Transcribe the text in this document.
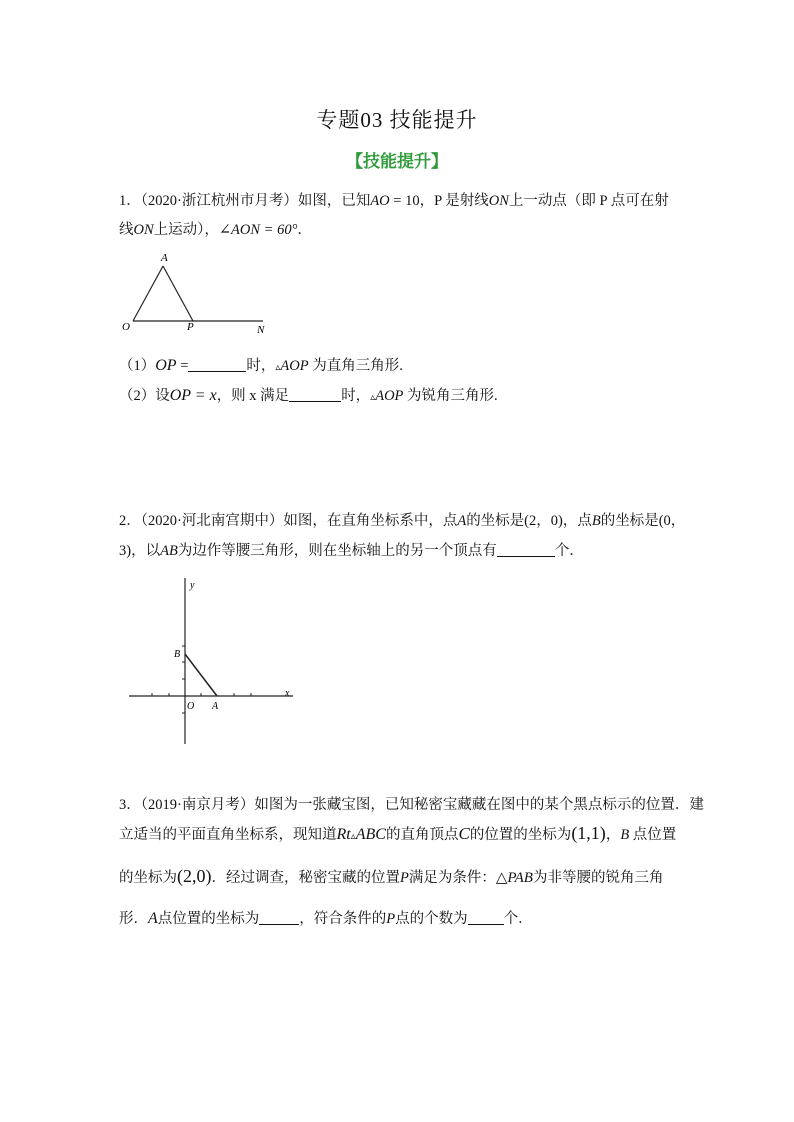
专题03 技能提升
【技能提升】
1．（2020·浙江杭州市月考）如图，已知AO = 10，P 是射线ON上一动点（即 P 点可在射
线ON上运动），∠AON = 60°．
A
O	P	N
（1）OP =	时，▵AOP 为直角三角形.
（2）设OP = x，则 x 满足	时，▵AOP 为锐角三角形.
2．（2020·河北南宫期中）如图，在直角坐标系中，点A的坐标是(2，0)，点B的坐标是(0，
3)，以AB为边作等腰三角形，则在坐标轴上的另一个顶点有	个．
y
x
B
O A
3．（2019·南京月考）如图为一张藏宝图，已知秘密宝藏藏在图中的某个黑点标示的位置．建
立适当的平面直角坐标系，现知道Rt▵ABC的直角顶点C的位置的坐标为(1,1)，B 点位置
的坐标为(2,0)．经过调查，秘密宝藏的位置P满足为条件：△PAB为非等腰的锐角三角
形．A点位置的坐标为	，符合条件的P点的个数为 个．
